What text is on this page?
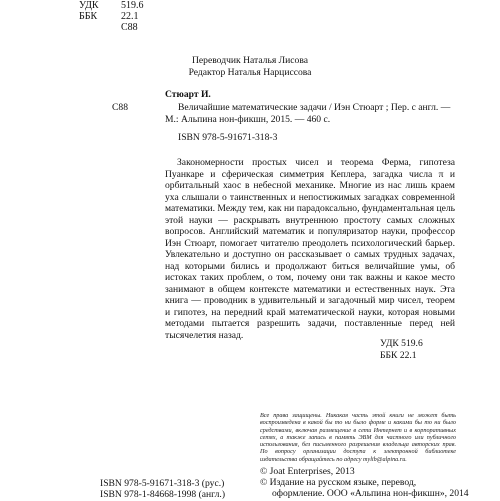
УДК 519.6
ББК 22.1
С88
Переводчик Наталья Лисова
Редактор Наталья Нарциссова
С88
Стюарт И.
Величайшие математические задачи / Иэн Стюарт ; Пер. с англ. —
М.: Альпина нон-фикшн, 2015. — 460 с.
ISBN 978-5-91671-318-3

Закономерности простых чисел и теорема Ферма, гипотеза Пуанкаре и сферическая симметрия Кеплера, загадка числа π и орбитальный хаос в небесной механике. Многие из нас лишь краем уха слышали о таинственных и непостижимых загадках современной математики. Между тем, как ни парадоксально, фундаментальная цель этой науки — раскрывать внутреннюю простоту самых сложных вопросов. Английский математик и популяризатор науки, профессор Иэн Стюарт, помогает читателю преодолеть психологический барьер. Увлекательно и доступно он рассказывает о самых трудных задачах, над которыми бились и продолжают биться величайшие умы, об истоках таких проблем, о том, почему они так важны и какое место занимают в общем контексте математики и естественных наук. Эта книга — проводник в удивительный и загадочный мир чисел, теорем и гипотез, на передний край математической науки, которая новыми методами пытается разрешить задачи, поставленные перед ней тысячелетия назад.

УДК 519.6
ББК 22.1
Все права защищены. Никакая часть этой книги не может быть воспроизведена в какой бы то ни было форме и какими бы то ни было средствами, включая размещение в сети Интернет и в корпоративных сетях, а также запись в память ЭВМ для частного или публичного использования, без письменного разрешения владельца авторских прав. По вопросу организации доступа к электронной библиотеке издательства обращайтесь по адресу mylib@alpina.ru.
ISBN 978-5-91671-318-3 (рус.)
ISBN 978-1-84668-1998 (англ.)
© Joat Enterprises, 2013
© Издание на русском языке, перевод,
оформление. ООО «Альпина нон-фикшн», 2014
